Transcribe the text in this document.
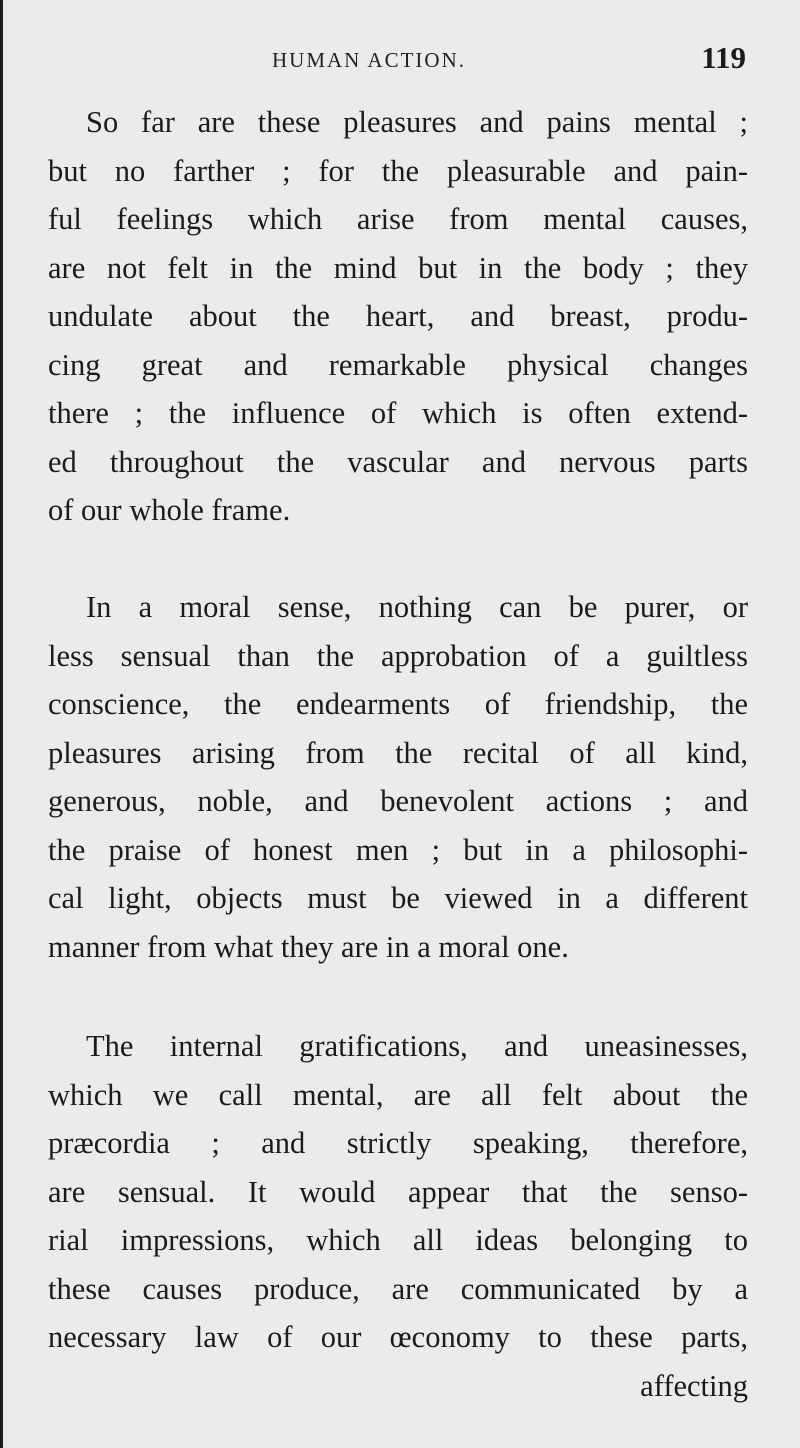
HUMAN ACTION.	119
So far are these pleasures and pains mental ;
but no farther ; for the pleasurable and pain-
ful feelings which arise from mental causes,
are not felt in the mind but in the body ; they
undulate about the heart, and breast, produ-
cing great and remarkable physical changes
there ; the influence of which is often extend-
ed throughout the vascular and nervous parts
of our whole frame.
In a moral sense, nothing can be purer, or
less sensual than the approbation of a guiltless
conscience, the endearments of friendship, the
pleasures arising from the recital of all kind,
generous, noble, and benevolent actions ; and
the praise of honest men ; but in a philosophi-
cal light, objects must be viewed in a different
manner from what they are in a moral one.
The internal gratifications, and uneasinesses,
which we call mental, are all felt about the
præcordia ; and strictly speaking, therefore,
are sensual. It would appear that the senso-
rial impressions, which all ideas belonging to
these causes produce, are communicated by a
necessary law of our œconomy to these parts,
affecting
